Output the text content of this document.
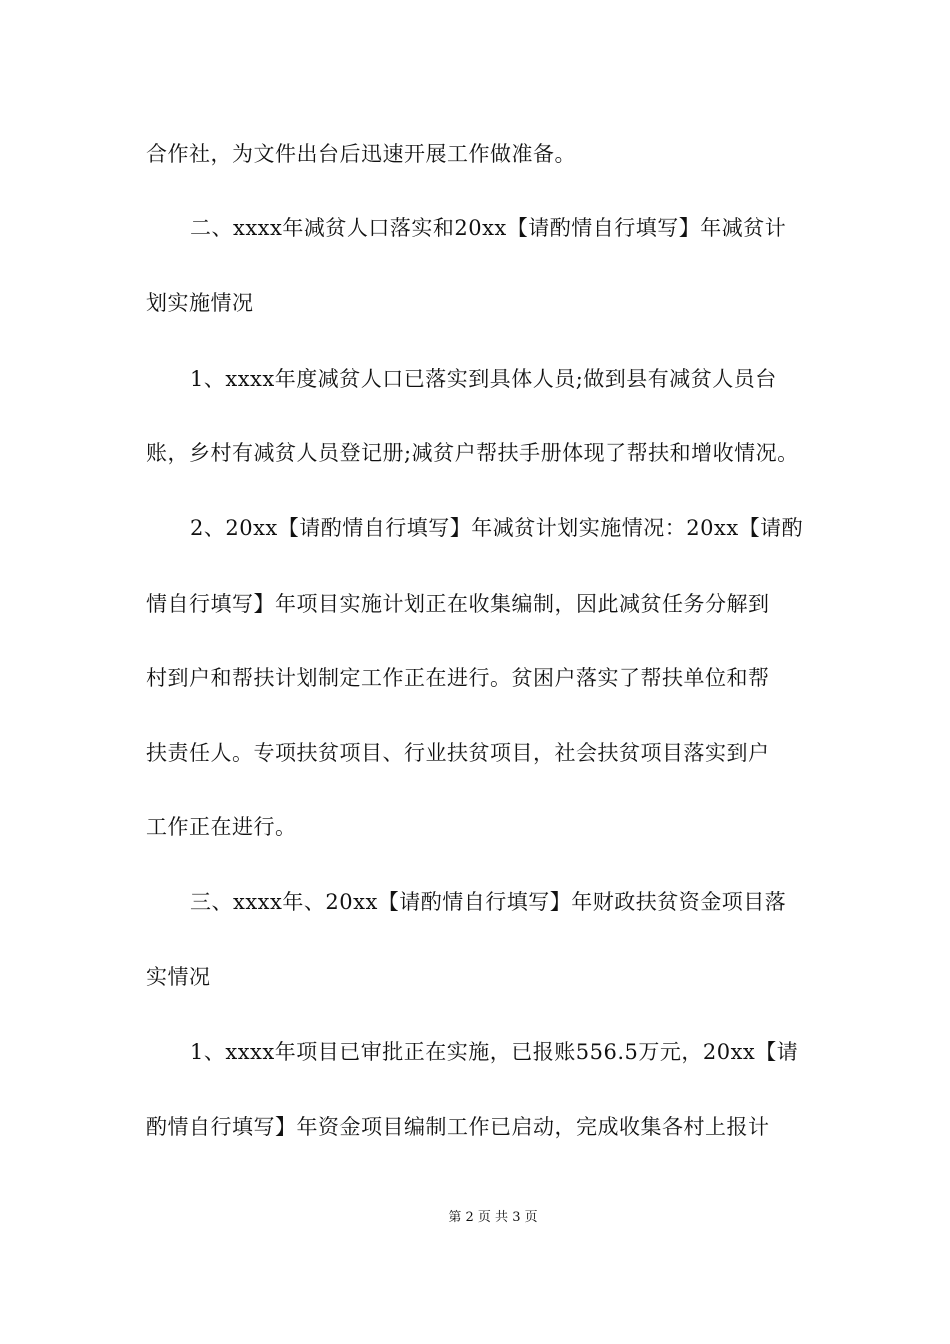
合作社，为文件出台后迅速开展工作做准备。
二、xxxx年减贫人口落实和20xx【请酌情自行填写】年减贫计
划实施情况
1、xxxx年度减贫人口已落实到具体人员;做到县有减贫人员台
账，乡村有减贫人员登记册;减贫户帮扶手册体现了帮扶和增收情况。
2、20xx【请酌情自行填写】年减贫计划实施情况：20xx【请酌
情自行填写】年项目实施计划正在收集编制，因此减贫任务分解到
村到户和帮扶计划制定工作正在进行。贫困户落实了帮扶单位和帮
扶责任人。专项扶贫项目、行业扶贫项目，社会扶贫项目落实到户
工作正在进行。
三、xxxx年、20xx【请酌情自行填写】年财政扶贫资金项目落
实情况
1、xxxx年项目已审批正在实施，已报账556.5万元，20xx【请
酌情自行填写】年资金项目编制工作已启动，完成收集各村上报计
第 2 页 共 3 页
